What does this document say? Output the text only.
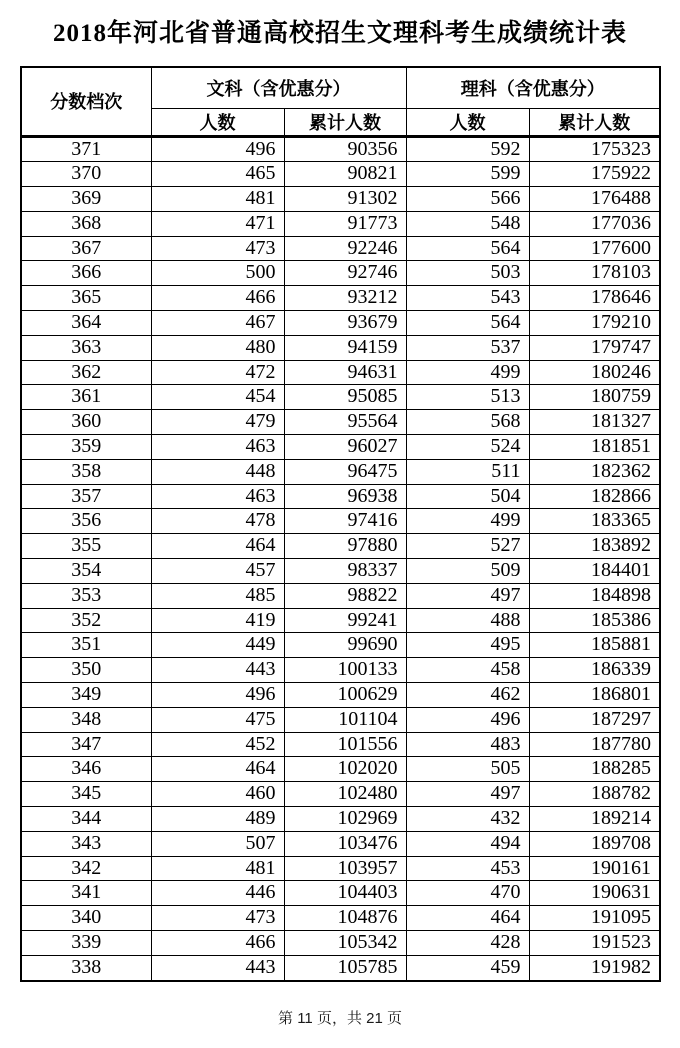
2018年河北省普通高校招生文理科考生成绩统计表
分数档次	文科（含优惠分）		理科（含优惠分）	
	人数	累计人数	人数	累计人数
371	496	90356	592	175323
370	465	90821	599	175922
369	481	91302	566	176488
368	471	91773	548	177036
367	473	92246	564	177600
366	500	92746	503	178103
365	466	93212	543	178646
364	467	93679	564	179210
363	480	94159	537	179747
362	472	94631	499	180246
361	454	95085	513	180759
360	479	95564	568	181327
359	463	96027	524	181851
358	448	96475	511	182362
357	463	96938	504	182866
356	478	97416	499	183365
355	464	97880	527	183892
354	457	98337	509	184401
353	485	98822	497	184898
352	419	99241	488	185386
351	449	99690	495	185881
350	443	100133	458	186339
349	496	100629	462	186801
348	475	101104	496	187297
347	452	101556	483	187780
346	464	102020	505	188285
345	460	102480	497	188782
344	489	102969	432	189214
343	507	103476	494	189708
342	481	103957	453	190161
341	446	104403	470	190631
340	473	104876	464	191095
339	466	105342	428	191523
338	443	105785	459	191982
第 11 页，共 21 页
